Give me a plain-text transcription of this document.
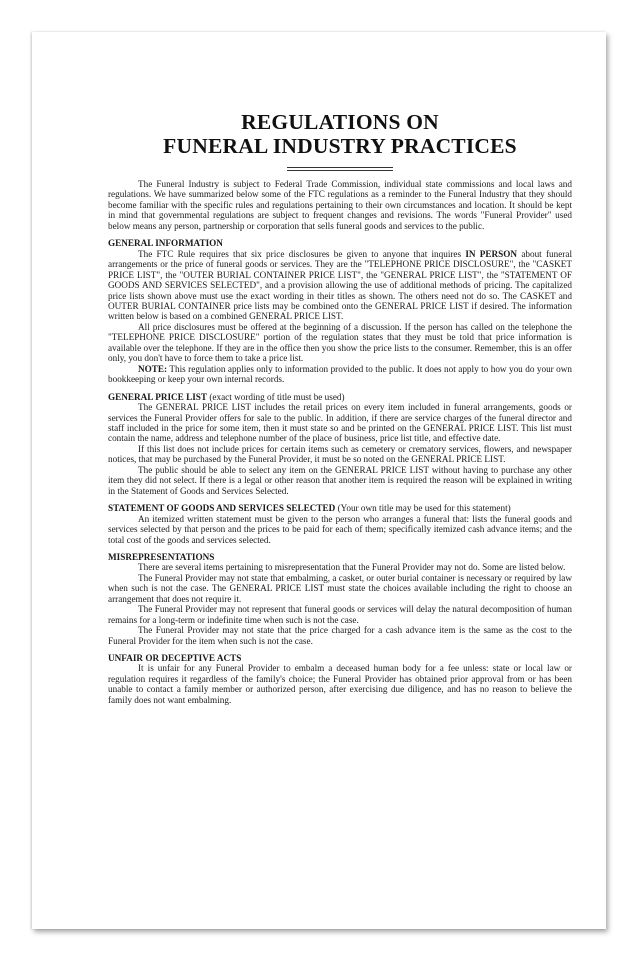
REGULATIONS ON
FUNERAL INDUSTRY PRACTICES

The Funeral Industry is subject to Federal Trade Commission, individual state commissions and local laws and regulations. We have summarized below some of the FTC regulations as a reminder to the Funeral Industry that they should become familiar with the specific rules and regulations pertaining to their own circumstances and location. It should be kept in mind that governmental regulations are subject to frequent changes and revisions. The words "Funeral Provider" used below means any person, partnership or corporation that sells funeral goods and services to the public.

GENERAL INFORMATION

The FTC Rule requires that six price disclosures be given to anyone that inquires IN PERSON about funeral arrangements or the price of funeral goods or services. They are the "TELEPHONE PRICE DISCLOSURE", the "CASKET PRICE LIST", the "OUTER BURIAL CONTAINER PRICE LIST", the "GENERAL PRICE LIST", the "STATEMENT OF GOODS AND SERVICES SELECTED", and a provision allowing the use of additional methods of pricing. The capitalized price lists shown above must use the exact wording in their titles as shown. The others need not do so. The CASKET and OUTER BURIAL CONTAINER price lists may be combined onto the GENERAL PRICE LIST if desired. The information written below is based on a combined GENERAL PRICE LIST.

All price disclosures must be offered at the beginning of a discussion. If the person has called on the telephone the "TELEPHONE PRICE DISCLOSURE" portion of the regulation states that they must be told that price information is available over the telephone. If they are in the office then you show the price lists to the consumer. Remember, this is an offer only, you don't have to force them to take a price list.

NOTE: This regulation applies only to information provided to the public. It does not apply to how you do your own bookkeeping or keep your own internal records.

GENERAL PRICE LIST (exact wording of title must be used)

The GENERAL PRICE LIST includes the retail prices on every item included in funeral arrangements, goods or services the Funeral Provider offers for sale to the public. In addition, if there are service charges of the funeral director and staff included in the price for some item, then it must state so and be printed on the GENERAL PRICE LIST. This list must contain the name, address and telephone number of the place of business, price list title, and effective date.

If this list does not include prices for certain items such as cemetery or crematory services, flowers, and newspaper notices, that may be purchased by the Funeral Provider, it must be so noted on the GENERAL PRICE LIST.

The public should be able to select any item on the GENERAL PRICE LIST without having to purchase any other item they did not select. If there is a legal or other reason that another item is required the reason will be explained in writing in the Statement of Goods and Services Selected.

STATEMENT OF GOODS AND SERVICES SELECTED (Your own title may be used for this statement)

An itemized written statement must be given to the person who arranges a funeral that: lists the funeral goods and services selected by that person and the prices to be paid for each of them; specifically itemized cash advance items; and the total cost of the goods and services selected.

MISREPRESENTATIONS

There are several items pertaining to misrepresentation that the Funeral Provider may not do. Some are listed below.

The Funeral Provider may not state that embalming, a casket, or outer burial container is necessary or required by law when such is not the case. The GENERAL PRICE LIST must state the choices available including the right to choose an arrangement that does not require it.

The Funeral Provider may not represent that funeral goods or services will delay the natural decomposition of human remains for a long-term or indefinite time when such is not the case.

The Funeral Provider may not state that the price charged for a cash advance item is the same as the cost to the Funeral Provider for the item when such is not the case.

UNFAIR OR DECEPTIVE ACTS

It is unfair for any Funeral Provider to embalm a deceased human body for a fee unless: state or local law or regulation requires it regardless of the family's choice; the Funeral Provider has obtained prior approval from or has been unable to contact a family member or authorized person, after exercising due diligence, and has no reason to believe the family does not want embalming.
